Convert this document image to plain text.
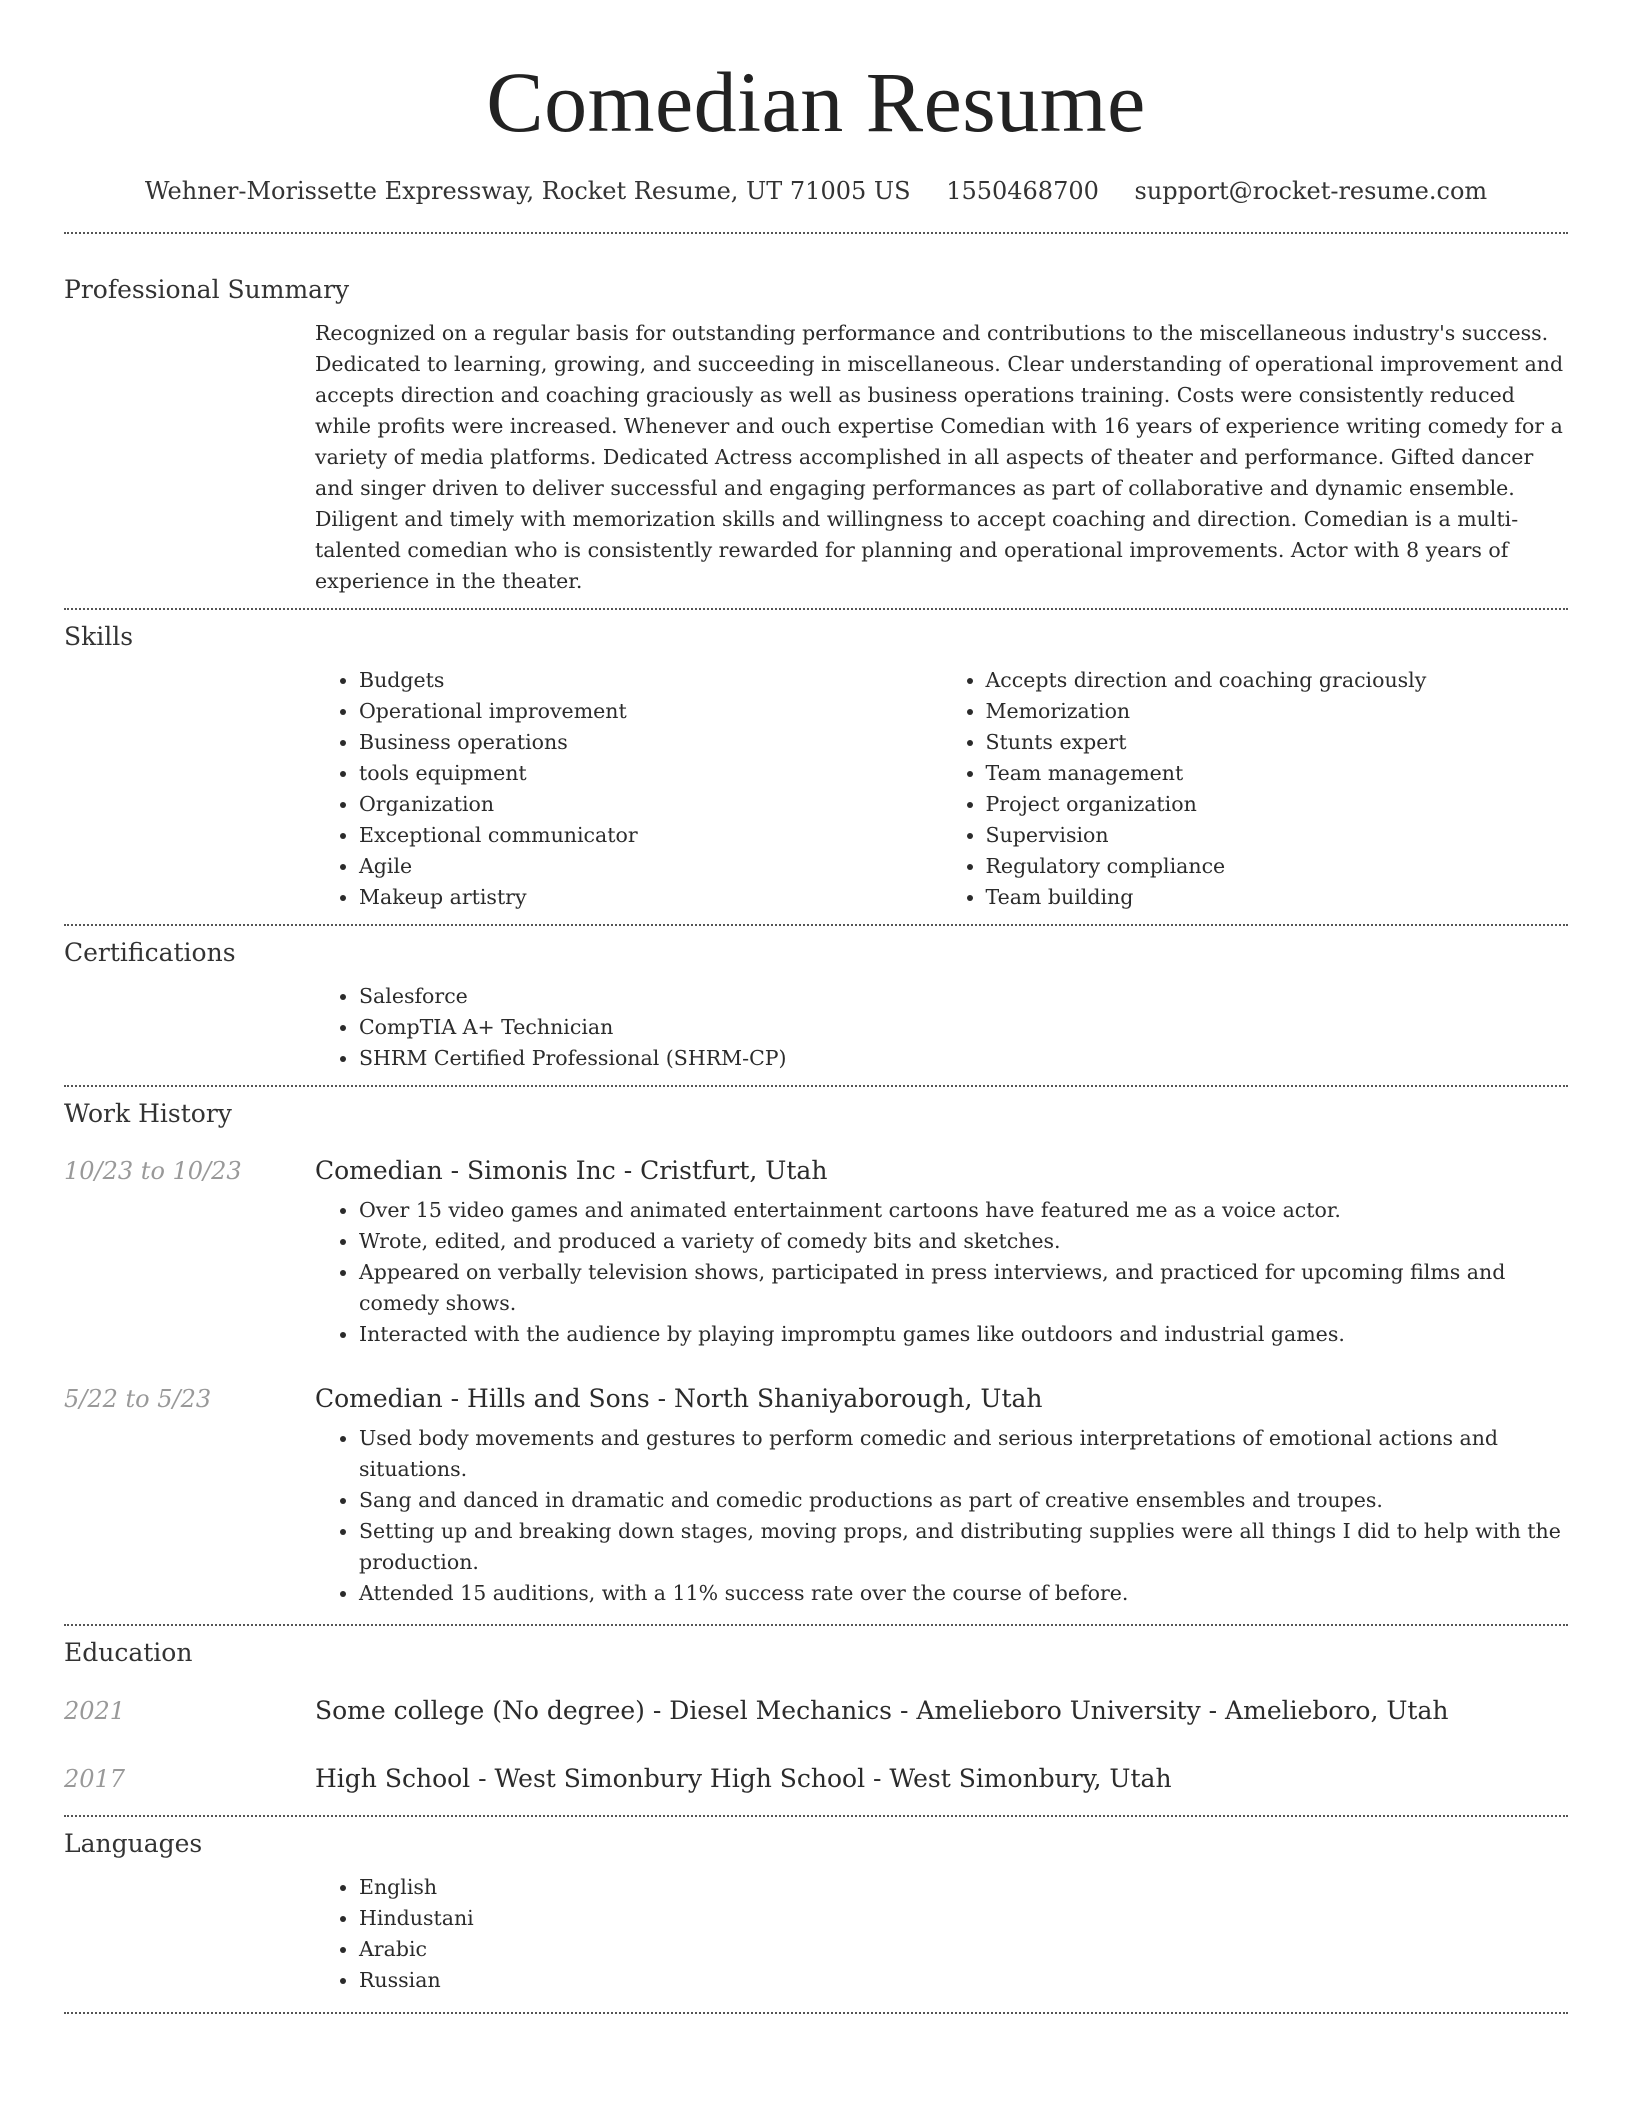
Comedian Resume
Wehner-Morissette Expressway, Rocket Resume, UT 71005 US 1550468700 support@rocket-resume.com
Professional Summary

Recognized on a regular basis for outstanding performance and contributions to the miscellaneous industry's success. Dedicated to learning, growing, and succeeding in miscellaneous. Clear understanding of operational improvement and accepts direction and coaching graciously as well as business operations training. Costs were consistently reduced while profits were increased. Whenever and ouch expertise Comedian with 16 years of experience writing comedy for a variety of media platforms. Dedicated Actress accomplished in all aspects of theater and performance. Gifted dancer and singer driven to deliver successful and engaging performances as part of collaborative and dynamic ensemble. Diligent and timely with memorization skills and willingness to accept coaching and direction. Comedian is a multi-talented comedian who is consistently rewarded for planning and operational improvements. Actor with 8 years of experience in the theater.

Skills
• Budgets
• Operational improvement
• Business operations
• tools equipment
• Organization
• Exceptional communicator
• Agile
• Makeup artistry
• Accepts direction and coaching graciously
• Memorization
• Stunts expert
• Team management
• Project organization
• Supervision
• Regulatory compliance
• Team building
Certifications
• Salesforce
• CompTIA A+ Technician
• SHRM Certified Professional (SHRM-CP)
Work History
10/23 to 10/23	Comedian - Simonis Inc - Cristfurt, Utah
• Over 15 video games and animated entertainment cartoons have featured me as a voice actor.
• Wrote, edited, and produced a variety of comedy bits and sketches.
• Appeared on verbally television shows, participated in press interviews, and practiced for upcoming films and comedy shows.
• Interacted with the audience by playing impromptu games like outdoors and industrial games.
5/22 to 5/23	Comedian - Hills and Sons - North Shaniyaborough, Utah
• Used body movements and gestures to perform comedic and serious interpretations of emotional actions and situations.
• Sang and danced in dramatic and comedic productions as part of creative ensembles and troupes.
• Setting up and breaking down stages, moving props, and distributing supplies were all things I did to help with the production.
• Attended 15 auditions, with a 11% success rate over the course of before.
Education
2021	Some college (No degree) - Diesel Mechanics - Amelieboro University - Amelieboro, Utah
2017	High School - West Simonbury High School - West Simonbury, Utah
Languages
• English
• Hindustani
• Arabic
• Russian
